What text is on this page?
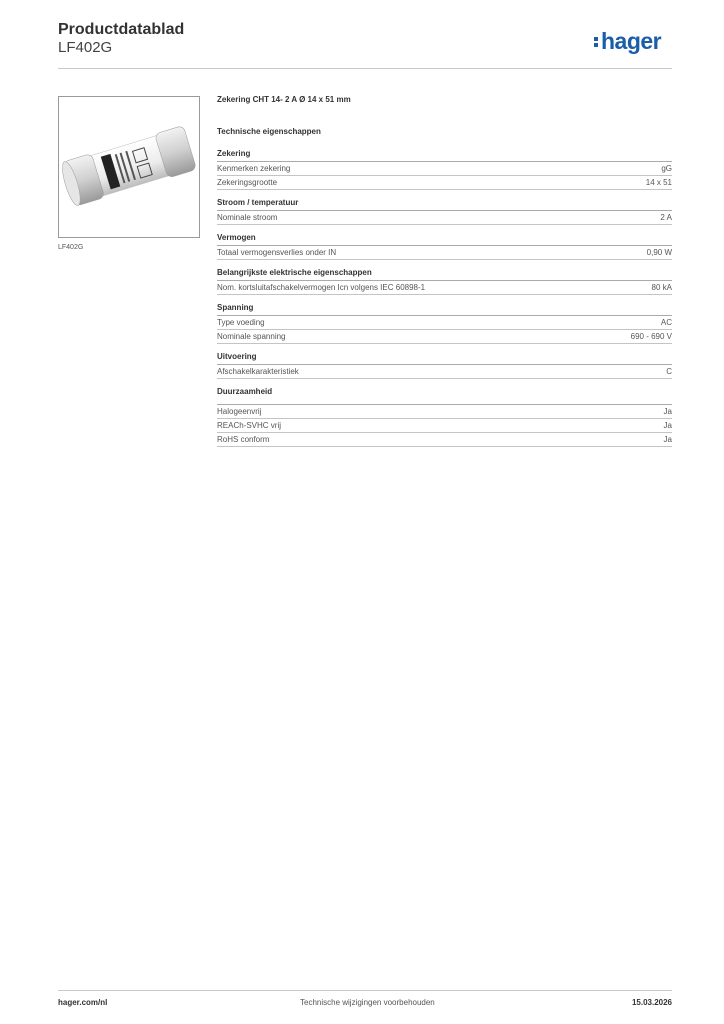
Productdatablad
LF402G	hager
LF402G
Zekering CHT 14- 2 A Ø 14 x 51 mm
Technische eigenschappen
Zekering
Kenmerken zekering	gG
Zekeringsgrootte	14 x 51
Stroom / temperatuur
Nominale stroom	2 A
Vermogen
Totaal vermogensverlies onder IN	0,90 W
Belangrijkste elektrische eigenschappen
Nom. kortsluitafschakelvermogen Icn volgens IEC 60898-1	80 kA
Spanning
Type voeding	AC
Nominale spanning	690 - 690 V
Uitvoering
Afschakelkarakteristiek	C
Duurzaamheid
Halogeenvrij	Ja
REACh-SVHC vrij	Ja
RoHS conform	Ja
hager.com/nl	Technische wijzigingen voorbehouden	15.03.2026
